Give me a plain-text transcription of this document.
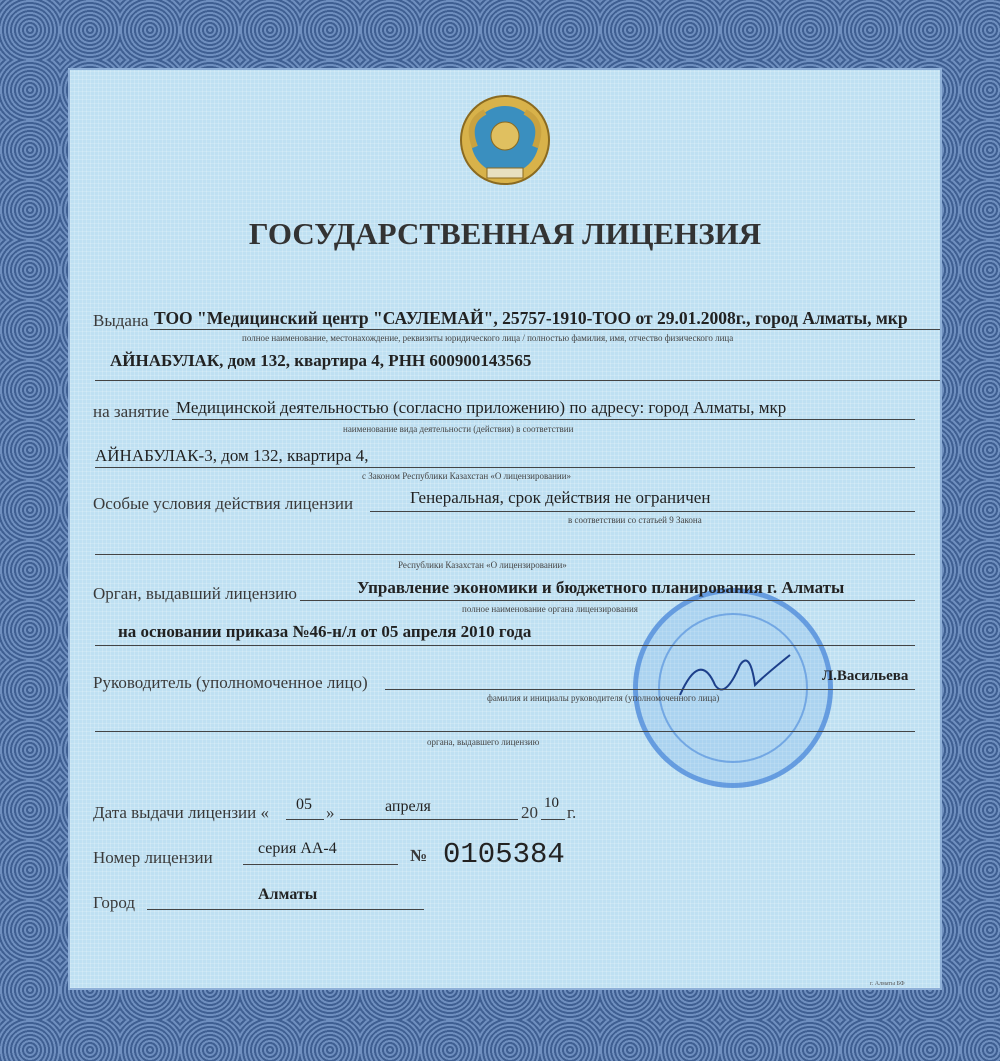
ГОСУДАРСТВЕННАЯ ЛИЦЕНЗИЯ
Выдана ТОО "Медицинский центр "САУЛЕМАЙ", 25757-1910-ТОО от 29.01.2008г., город Алматы, мкр
полное наименование, местонахождение, реквизиты юридического лица / полностью фамилия, имя, отчество физического лица
АЙНАБУЛАК, дом 132, квартира 4, РНН 600900143565
на занятие Медицинской деятельностью (согласно приложению) по адресу: город Алматы, мкр
наименование вида деятельности (действия) в соответствии
АЙНАБУЛАК-3, дом 132, квартира 4,
с Законом Республики Казахстан «О лицензировании»
Особые условия действия лицензии	Генеральная, срок действия не ограничен
в соответствии со статьей 9 Закона
Республики Казахстан «О лицензировании»
Орган, выдавший лицензию	Управление экономики и бюджетного планирования г. Алматы
полное наименование органа лицензирования
на основании приказа №46-н/л от 05 апреля 2010 года
Руководитель (уполномоченное лицо)	Л.Васильева
фамилия и инициалы руководителя (уполномоченного лица)
органа, выдавшего лицензию
Дата выдачи лицензии « 05 »	апреля	20 10 г.
Номер лицензии	серия АА-4	№ 0105384
Город	Алматы
г. Алматы БФ
